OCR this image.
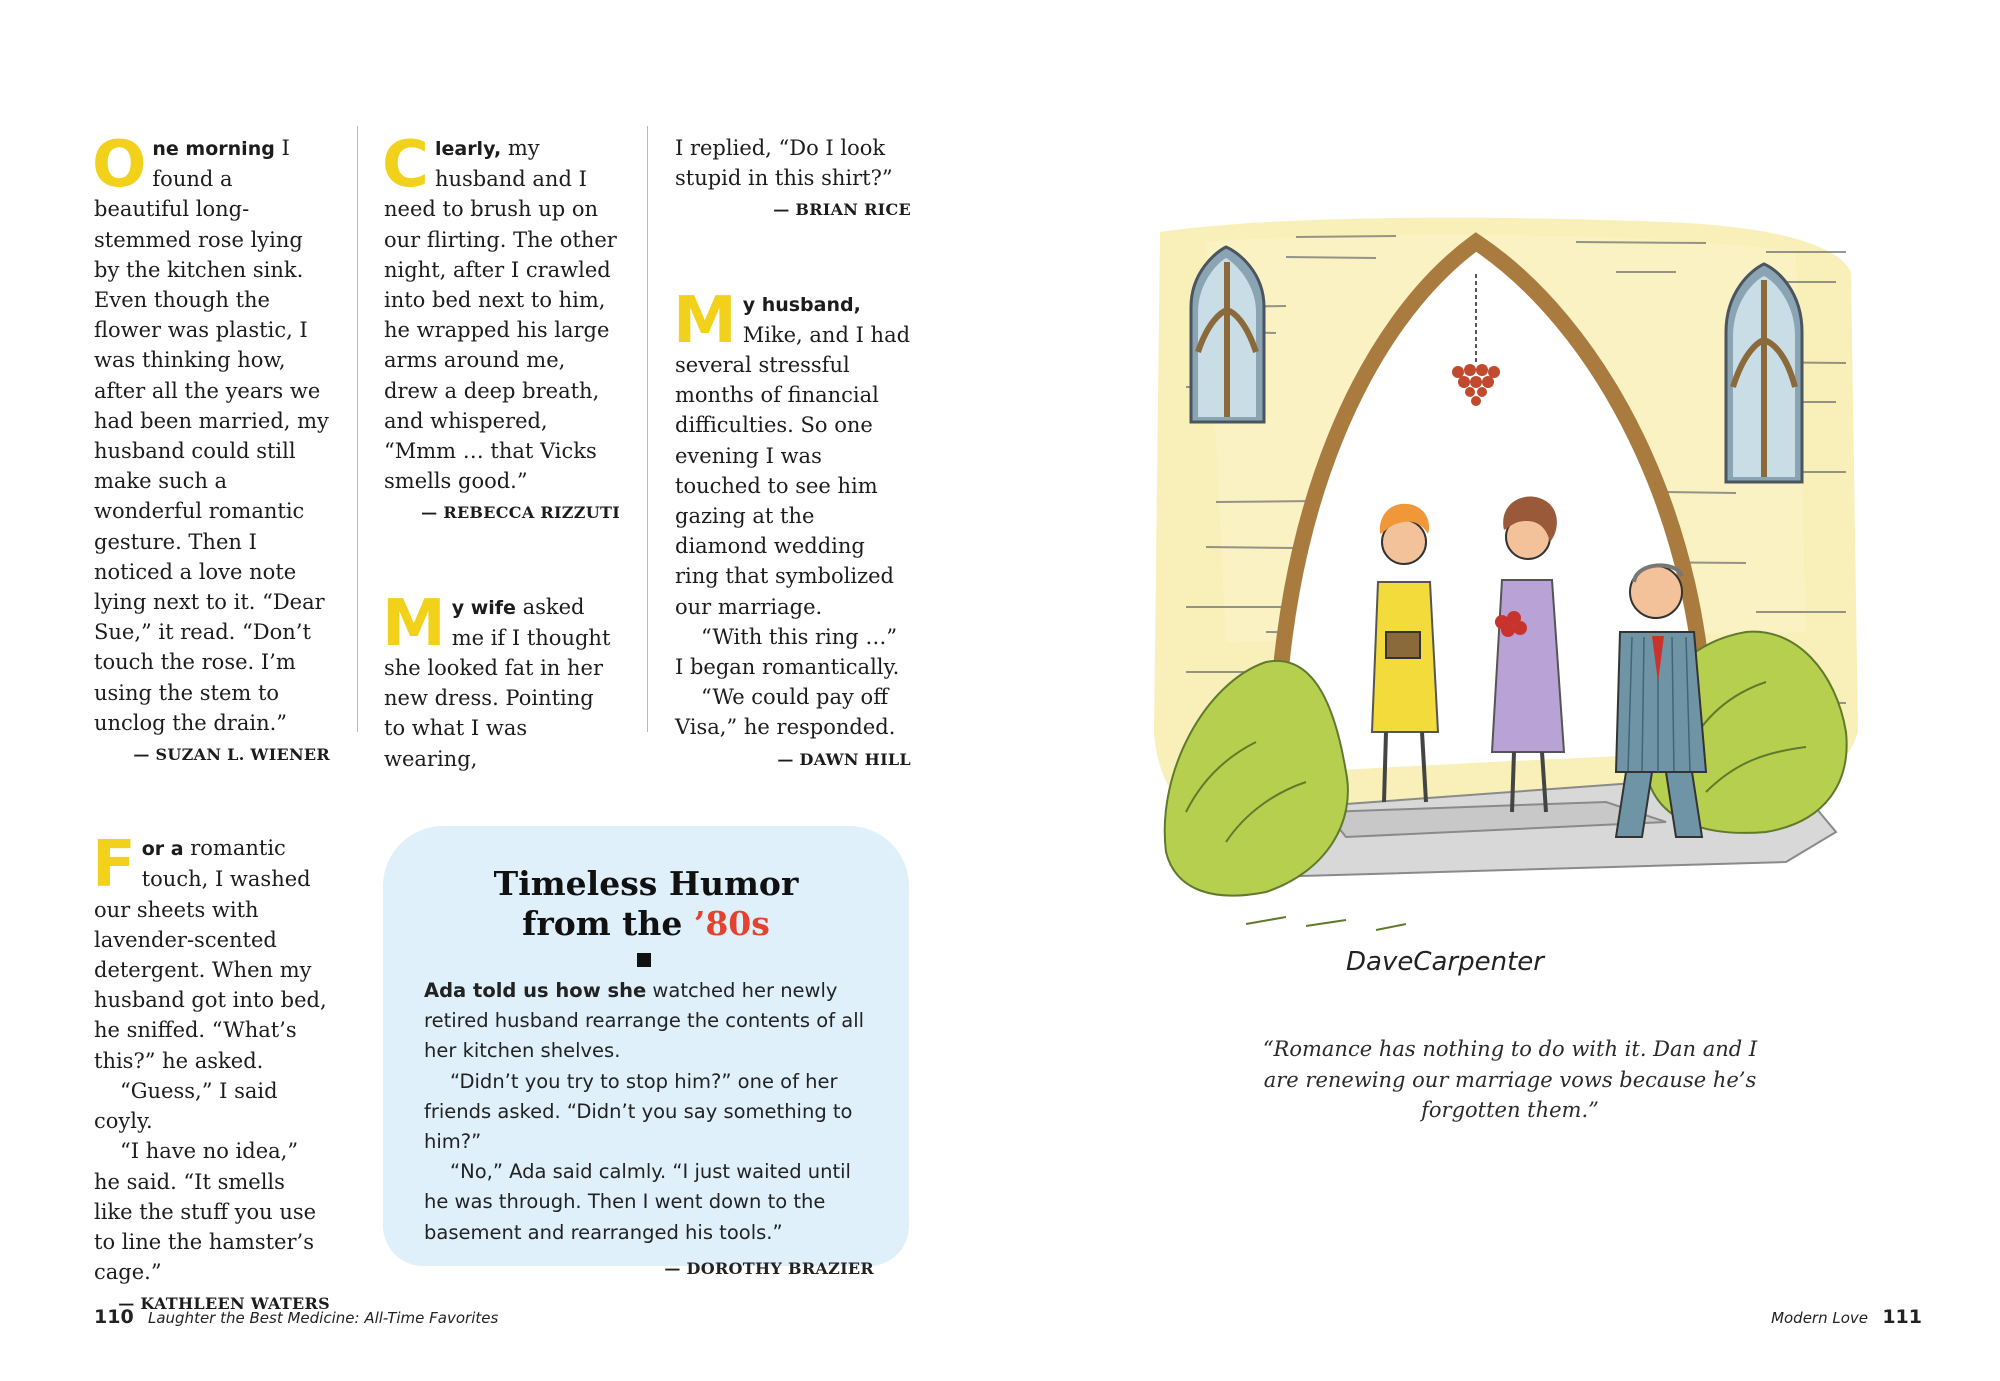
O ne morning I found a beautiful long-stemmed rose lying by the kitchen sink. Even though the flower was plastic, I was thinking how, after all the years we had been married, my husband could still make such a wonderful romantic gesture. Then I noticed a love note lying next to it. “Dear Sue,” it read. “Don’t touch the rose. I’m using the stem to unclog the drain.”

— SUZAN L. WIENER
F or a romantic touch, I washed our sheets with lavender-scented detergent. When my husband got into bed, he sniffed. “What’s this?” he asked.

“Guess,” I said coyly.

“I have no idea,” he said. “It smells like the stuff you use to line the hamster’s cage.”

— KATHLEEN WATERS
C learly, my husband and I need to brush up on our flirting. The other night, after I crawled into bed next to him, he wrapped his large arms around me, drew a deep breath, and whispered, “Mmm … that Vicks smells good.”

— REBECCA RIZZUTI
M y wife asked me if I thought she looked fat in her new dress. Pointing to what I was wearing,

I replied, “Do I look stupid in this shirt?”

— BRIAN RICE
M y husband, Mike, and I had several stressful months of financial difficulties. So one evening I was touched to see him gazing at the diamond wedding ring that symbolized our marriage.

“With this ring …” I began romantically.

“We could pay off Visa,” he responded.

— DAWN HILL
Timeless Humor
from the ’80s

Ada told us how she watched her newly retired husband rearrange the contents of all her kitchen shelves.

“Didn’t you try to stop him?” one of her friends asked. “Didn’t you say something to him?”

“No,” Ada said calmly. “I just waited until he was through. Then I went down to the basement and rearranged his tools.”

— DOROTHY BRAZIER
DaveCarpenter
“Romance has nothing to do with it. Dan and I are renewing our marriage vows because he’s forgotten them.”
110 Laughter the Best Medicine: All-Time Favorites	Modern Love 111
